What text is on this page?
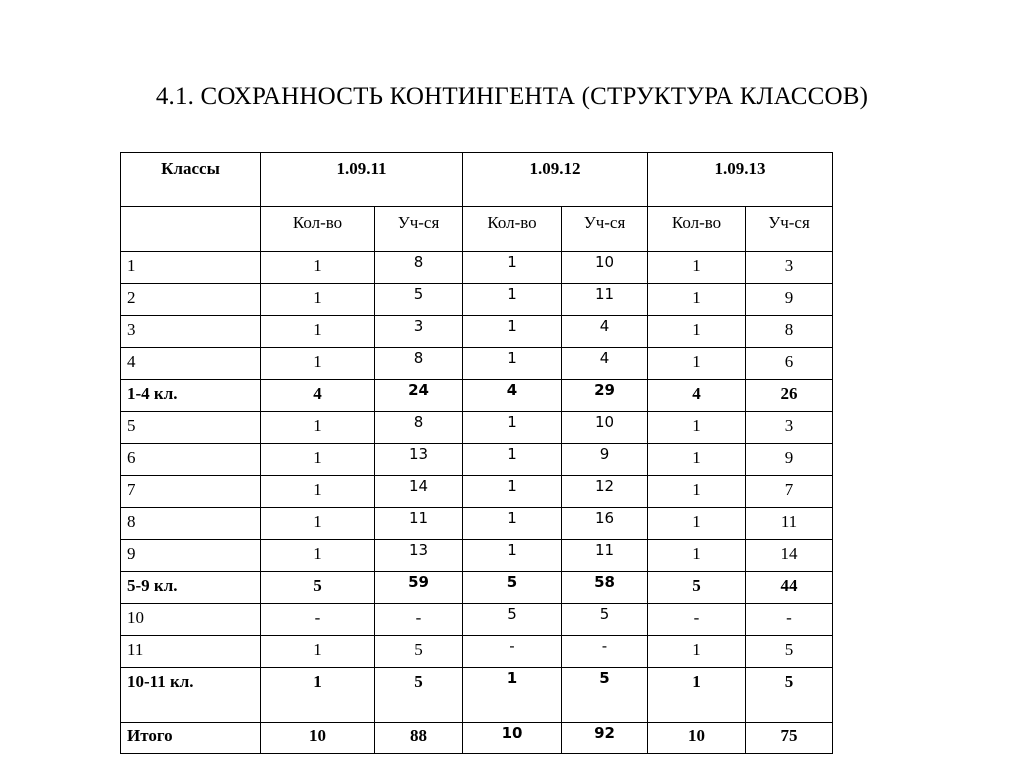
4.1. СОХРАННОСТЬ КОНТИНГЕНТА (СТРУКТУРА КЛАССОВ)
Классы	1.09.11		1.09.12		1.09.13	
	Кол-во	Уч-ся	Кол-во	Уч-ся	Кол-во	Уч-ся
1	1	8	1	10	1	3
2	1	5	1	11	1	9
3	1	3	1	4	1	8
4	1	8	1	4	1	6
1-4 кл.	4	24	4	29	4	26
5	1	8	1	10	1	3
6	1	13	1	9	1	9
7	1	14	1	12	1	7
8	1	11	1	16	1	11
9	1	13	1	11	1	14
5-9 кл.	5	59	5	58	5	44
10	-	-	5	5	-	-
11	1	5	-	-	1	5
10-11 кл.	1	5	1	5	1	5
Итого	10	88	10	92	10	75
